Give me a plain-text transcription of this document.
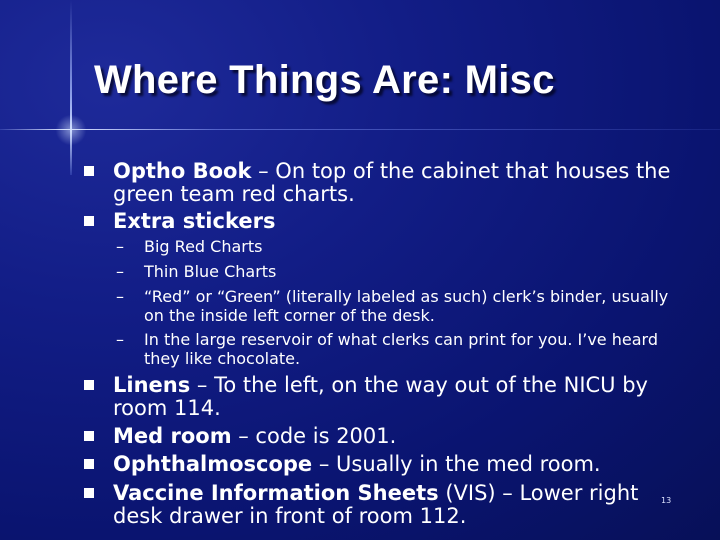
Where Things Are: Misc
Optho Book – On top of the cabinet that houses the green team red charts.
Extra stickers
– Big Red Charts
– Thin Blue Charts
– “Red” or “Green” (literally labeled as such) clerk’s binder, usually on the inside left corner of the desk.
– In the large reservoir of what clerks can print for you. I’ve heard they like chocolate.
Linens – To the left, on the way out of the NICU by room 114.
Med room – code is 2001.
Ophthalmoscope – Usually in the med room.
Vaccine Information Sheets (VIS) – Lower right desk drawer in front of room 112.
13
